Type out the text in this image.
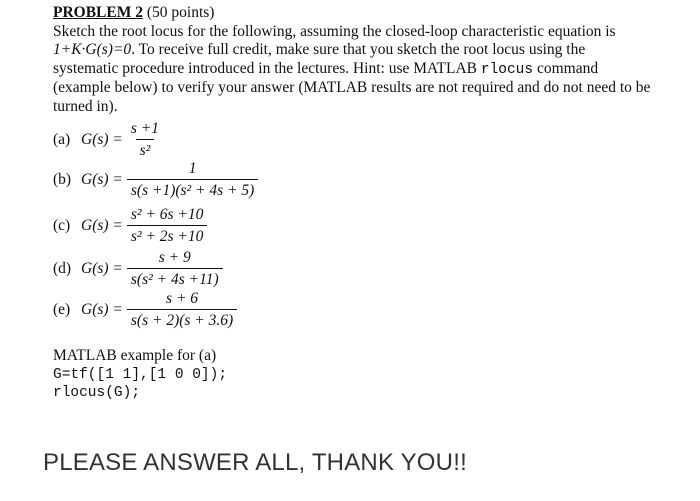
PROBLEM 2 (50 points)
Sketch the root locus for the following, assuming the closed-loop characteristic equation is
1+K·G(s)=0. To receive full credit, make sure that you sketch the root locus using the
systematic procedure introduced in the lectures. Hint: use MATLAB rlocus command
(example below) to verify your answer (MATLAB results are not required and do not need to be
turned in).
(a) $G(s) = \frac{s +1}{\text{s²}}$
(b) $G(s) = \frac{1}{\text{s(s +1)(s² + 4s + 5)}}$
(c) $G(s) = \frac{\text{s² + 6s +10}}{\text{s² + 2s +10}}$
(d) $G(s) = \frac{s + 9}{\text{s(s² + 4s +11)}}$
(e) $G(s) = \frac{s + 6}{s(s + 2)(s + 3.6)}$
MATLAB example for (a)
G=tf([1 1],[1 0 0]);
rlocus(G);
PLEASE ANSWER ALL, THANK YOU!!
